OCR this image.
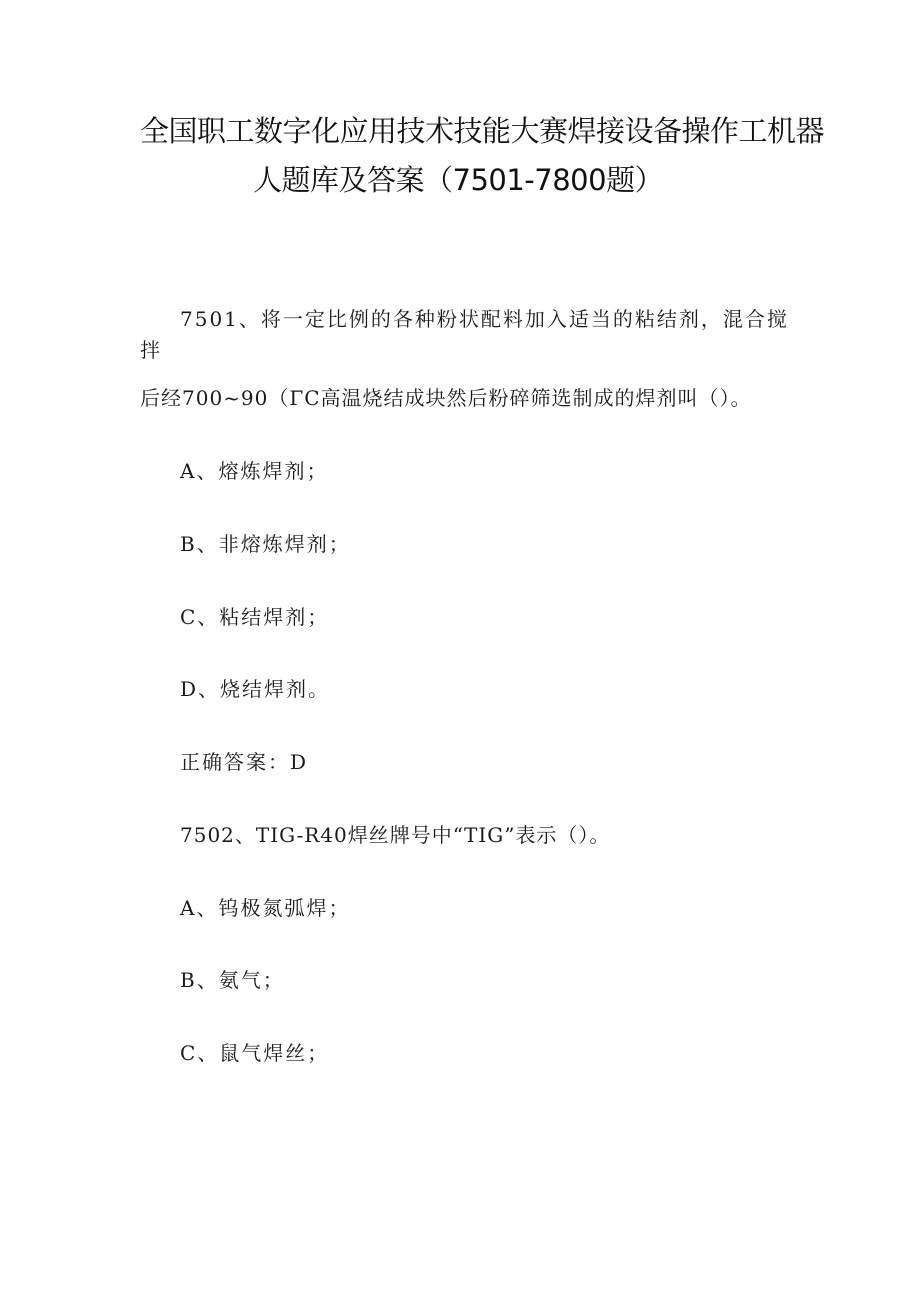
全国职工数字化应用技术技能大赛焊接设备操作工机器
人题库及答案（7501-7800题）
7501、将一定比例的各种粉状配料加入适当的粘结剂，混合搅
拌
后经700~90（ΓC高温烧结成块然后粉碎筛选制成的焊剂叫（）。
A、熔炼焊剂；
B、非熔炼焊剂；
C、粘结焊剂；
D、烧结焊剂。
正确答案：D
7502、TIG-R40焊丝牌号中“TIG”表示（）。
A、钨极氮弧焊；
B、氨气；
C、鼠气焊丝；
